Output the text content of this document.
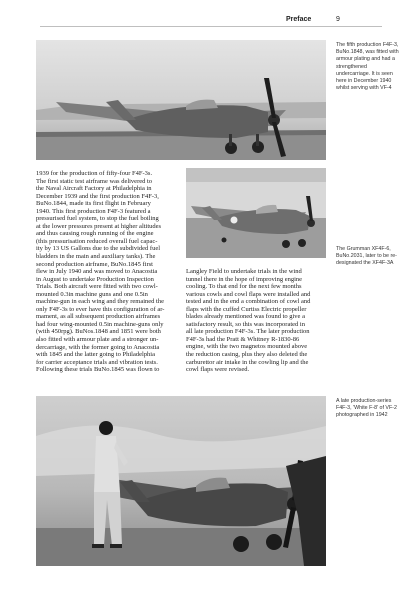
Preface	9
The fifth production F4F-3, BuNo.1848, was fitted with armour plating and had a strengthened undercarriage. It is seen here in December 1940 whilst serving with VF-4
The Grumman XF4F-6, BuNo.2031, later to be re-designated the XF4F-3A
1939 for the production of fifty-four F4F-3s.
The first static test airframe was delivered to
the Naval Aircraft Factory at Philadelphia in
December 1939 and the first production F4F-3,
BuNo.1844, made its first flight in February
1940. This first production F4F-3 featured a
pressurised fuel system, to stop the fuel boiling
at the lower pressures present at higher altitudes
and thus causing rough running of the engine
(this pressurisation reduced overall fuel capac-
ity by 13 US Gallons due to the subdivided fuel
bladders in the main and auxiliary tanks). The
second production airframe, BuNo.1845 first
flew in July 1940 and was moved to Anacostia
in August to undertake Production Inspection
Trials. Both aircraft were fitted with two cowl-
mounted 0.3in machine guns and one 0.5in
machine-gun in each wing and they remained the
only F4F-3s to ever have this configuration of ar-
mament, as all subsequent production airframes
had four wing-mounted 0.5in machine-guns only
(with 450rpg). BuNos.1848 and 1851 were both
also fitted with armour plate and a stronger un-
dercarriage, with the former going to Anacostia
with 1845 and the latter going to Philadelphia
for carrier acceptance trials and vibration tests.
Following these trials BuNo.1845 was flown to
Langley Field to undertake trials in the wind
tunnel there in the hope of improving engine
cooling. To that end for the next few months
various cowls and cowl flaps were installed and
tested and in the end a combination of cowl and
flaps with the cuffed Curtiss Electric propeller
blades already mentioned was found to give a
satisfactory result, so this was incorporated in
all late production F4F-3s. The later production
F4F-3s had the Pratt & Whitney R-1830-86
engine, with the two magnetos mounted above
the reduction casing, plus they also deleted the
carburettor air intake in the cowling lip and the
cowl flaps were revised.
A late production-series F4F-3, 'White F-8' of VF-2 photographed in 1942
